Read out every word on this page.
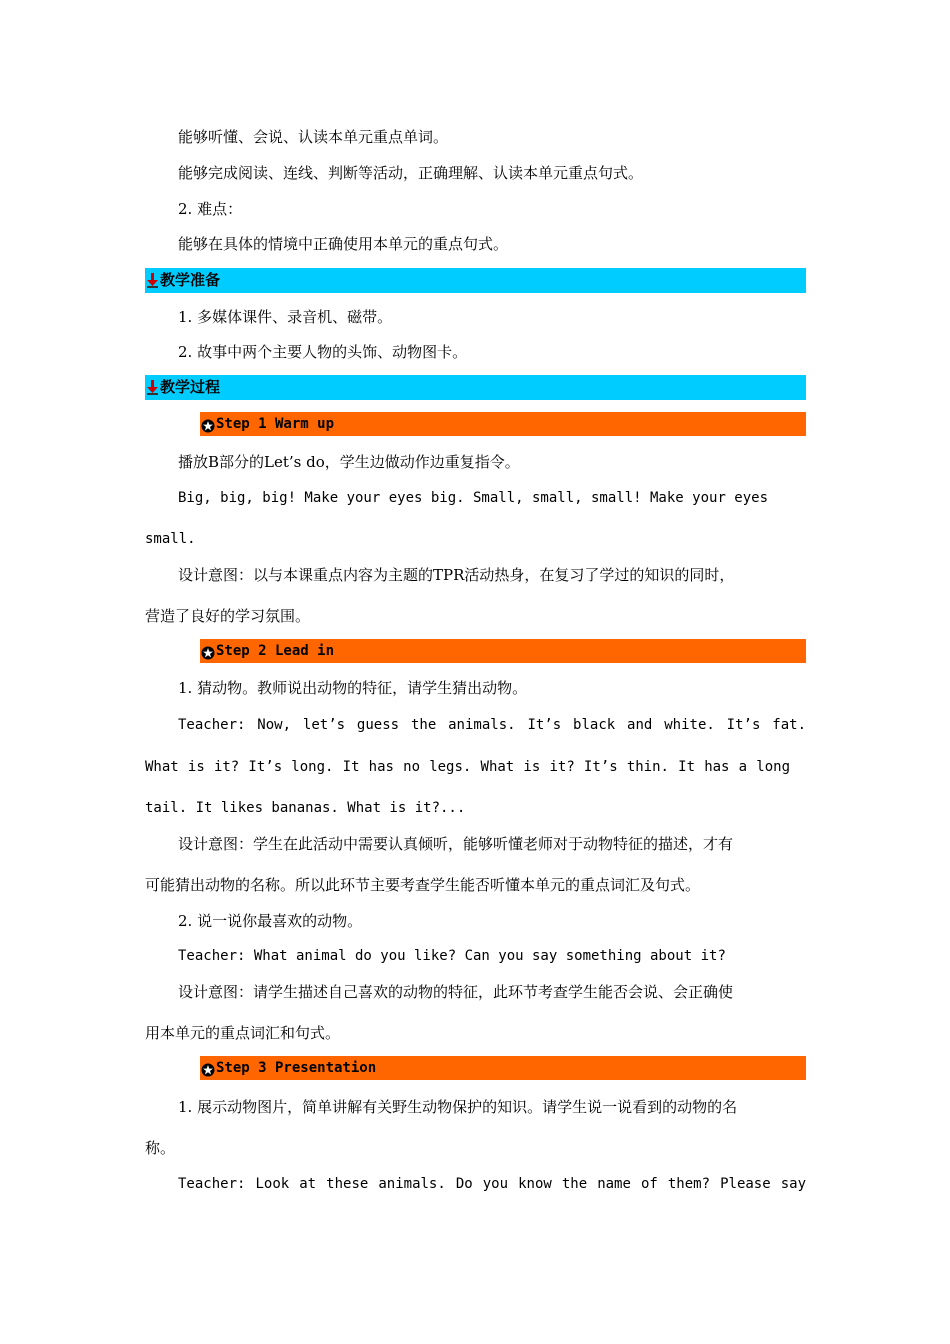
能够听懂、会说、认读本单元重点单词。
能够完成阅读、连线、判断等活动，正确理解、认读本单元重点句式。
2. 难点：
能够在具体的情境中正确使用本单元的重点句式。
教学准备
1. 多媒体课件、录音机、磁带。
2. 故事中两个主要人物的头饰、动物图卡。
教学过程
Step 1 Warm up
播放B部分的Let’s do，学生边做动作边重复指令。
Big, big, big! Make your eyes big. Small, small, small! Make your eyes
small.
设计意图：以与本课重点内容为主题的TPR活动热身，在复习了学过的知识的同时，
营造了良好的学习氛围。
Step 2 Lead in
1. 猜动物。教师说出动物的特征，请学生猜出动物。
Teacher: Now, let’s guess the animals. It’s black and white. It’s fat.
What is it? It’s long. It has no legs. What is it? It’s thin. It has a long
tail. It likes bananas. What is it?...
设计意图：学生在此活动中需要认真倾听，能够听懂老师对于动物特征的描述，才有
可能猜出动物的名称。所以此环节主要考查学生能否听懂本单元的重点词汇及句式。
2. 说一说你最喜欢的动物。
Teacher: What animal do you like? Can you say something about it?
设计意图：请学生描述自己喜欢的动物的特征，此环节考查学生能否会说、会正确使
用本单元的重点词汇和句式。
Step 3 Presentation
1. 展示动物图片，简单讲解有关野生动物保护的知识。请学生说一说看到的动物的名
称。
Teacher: Look at these animals. Do you know the name of them? Please say
